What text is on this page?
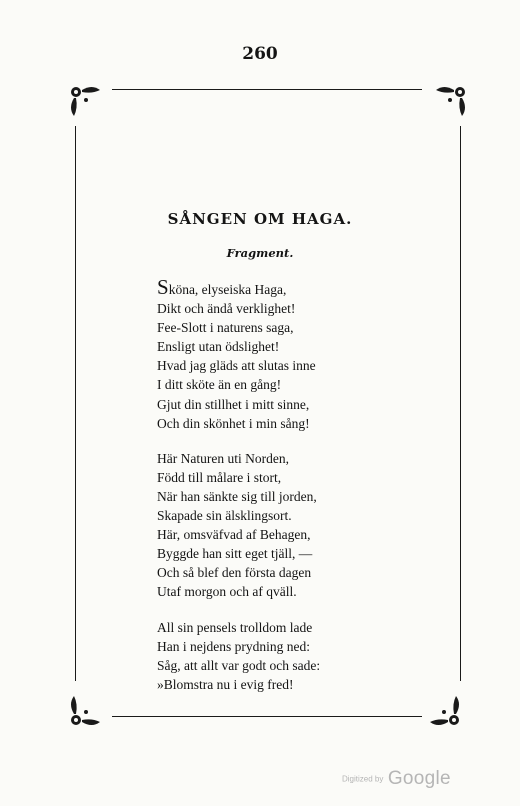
260
SÅNGEN OM HAGA.
Fragment.
Sköna, elyseiska Haga,
Dikt och ändå verklighet!
Fee-Slott i naturens saga,
Ensligt utan ödslighet!
Hvad jag gläds att slutas inne
I ditt sköte än en gång!
Gjut din stillhet i mitt sinne,
Och din skönhet i min sång!
Här Naturen uti Norden,
Född till målare i stort,
När han sänkte sig till jorden,
Skapade sin älsklingsort.
Här, omsväfvad af Behagen,
Byggde han sitt eget tjäll, —
Och så blef den första dagen
Utaf morgon och af qväll.
All sin pensels trolldom lade
Han i nejdens prydning ned:
Såg, att allt var godt och sade:
»Blomstra nu i evig fred!
Digitized by Google
